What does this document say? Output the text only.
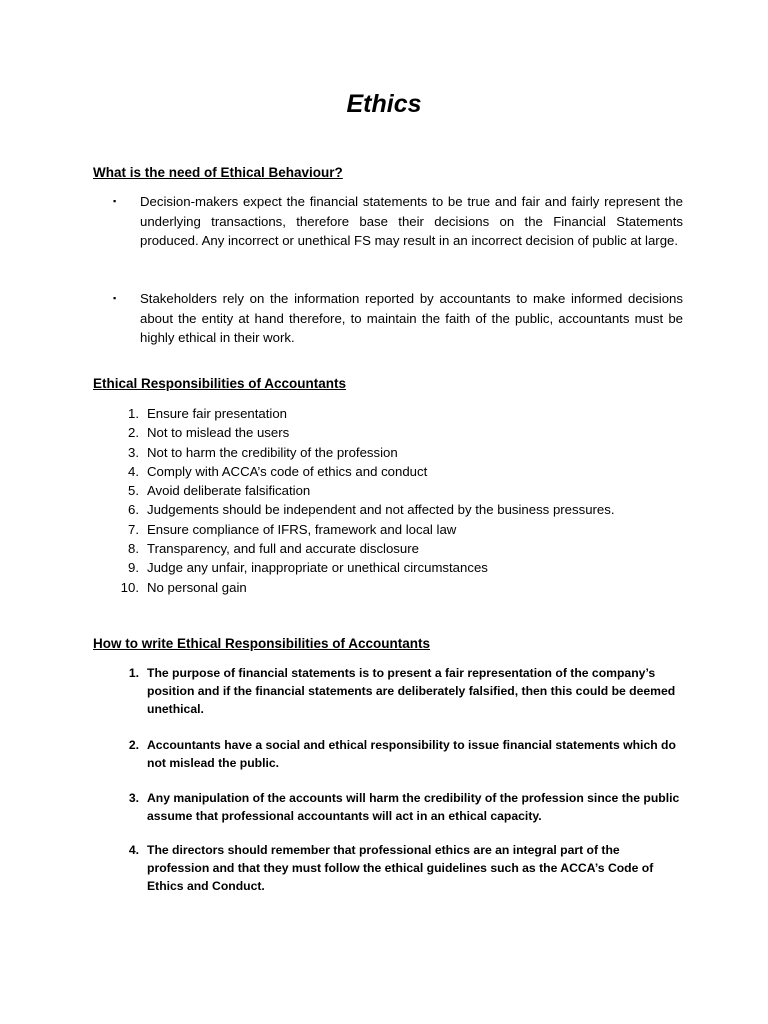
Ethics
What is the need of Ethical Behaviour?
▪	Decision-makers expect the financial statements to be true and fair and fairly represent the underlying transactions, therefore base their decisions on the Financial Statements produced. Any incorrect or unethical FS may result in an incorrect decision of public at large.
▪	Stakeholders rely on the information reported by accountants to make informed decisions about the entity at hand therefore, to maintain the faith of the public, accountants must be highly ethical in their work.
Ethical Responsibilities of Accountants
1. Ensure fair presentation
2. Not to mislead the users
3. Not to harm the credibility of the profession
4. Comply with ACCA’s code of ethics and conduct
5. Avoid deliberate falsification
6. Judgements should be independent and not affected by the business pressures.
7. Ensure compliance of IFRS, framework and local law
8. Transparency, and full and accurate disclosure
9. Judge any unfair, inappropriate or unethical circumstances
10. No personal gain
How to write Ethical Responsibilities of Accountants
1. The purpose of financial statements is to present a fair representation of the company’s position and if the financial statements are deliberately falsified, then this could be deemed unethical.
2. Accountants have a social and ethical responsibility to issue financial statements which do not mislead the public.
3. Any manipulation of the accounts will harm the credibility of the profession since the public assume that professional accountants will act in an ethical capacity.
4. The directors should remember that professional ethics are an integral part of the profession and that they must follow the ethical guidelines such as the ACCA’s Code of Ethics and Conduct.
